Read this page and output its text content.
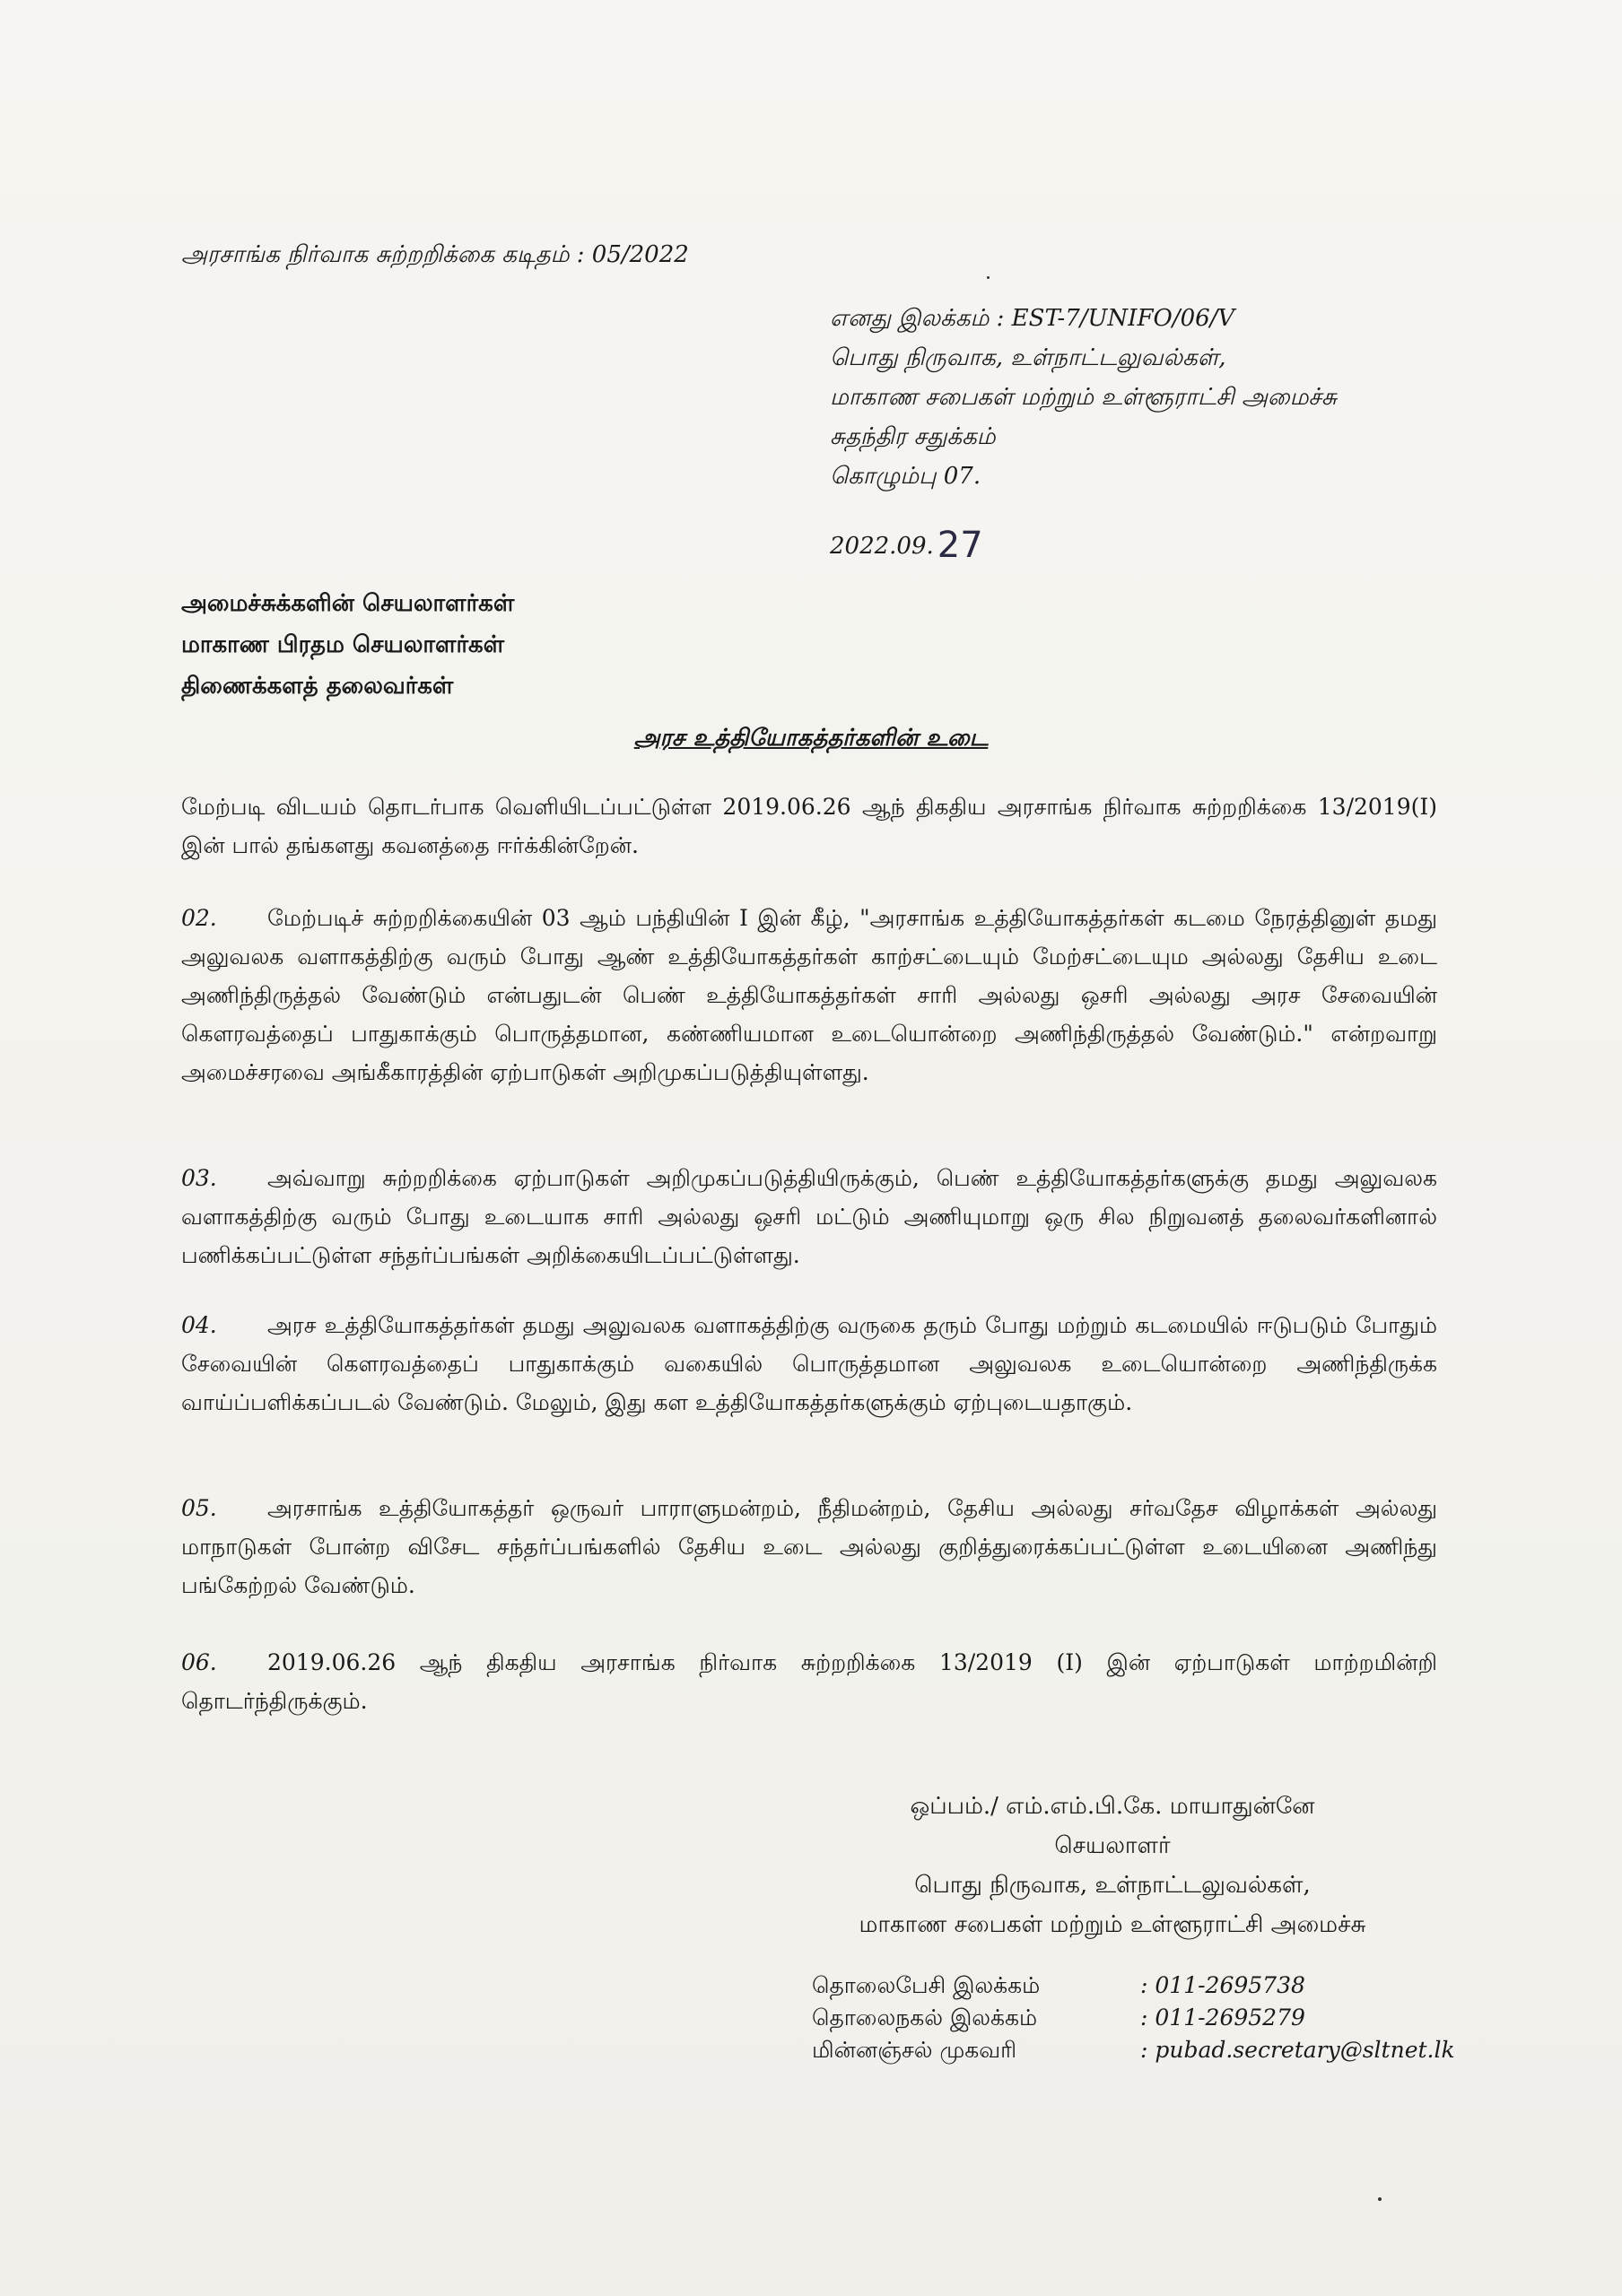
அரசாங்க நிர்வாக சுற்றறிக்கை கடிதம் : 05/2022
எனது இலக்கம் : EST-7/UNIFO/06/V
பொது நிருவாக, உள்நாட்டலுவல்கள்,
மாகாண சபைகள் மற்றும் உள்ளூராட்சி அமைச்சு
சுதந்திர சதுக்கம்
கொழும்பு 07.
2022.09. 27
அமைச்சுக்களின் செயலாளர்கள்
மாகாண பிரதம செயலாளர்கள்
திணைக்களத் தலைவர்கள்
அரச உத்தியோகத்தர்களின் உடை
மேற்படி விடயம் தொடர்பாக வெளியிடப்பட்டுள்ள 2019.06.26 ஆந் திகதிய அரசாங்க நிர்வாக சுற்றறிக்கை 13/2019(I) இன் பால் தங்களது கவனத்தை ஈர்க்கின்றேன்.
02. மேற்படிச் சுற்றறிக்கையின் 03 ஆம் பந்தியின் I இன் கீழ், "அரசாங்க உத்தியோகத்தர்கள் கடமை நேரத்தினுள் தமது அலுவலக வளாகத்திற்கு வரும் போது ஆண் உத்தியோகத்தர்கள் காற்சட்டையும் மேற்சட்டையும அல்லது தேசிய உடை அணிந்திருத்தல் வேண்டும் என்பதுடன் பெண் உத்தியோகத்தர்கள் சாரி அல்லது ஒசரி அல்லது அரச சேவையின் கௌரவத்தைப் பாதுகாக்கும் பொருத்தமான, கண்ணியமான உடையொன்றை அணிந்திருத்தல் வேண்டும்." என்றவாறு அமைச்சரவை அங்கீகாரத்தின் ஏற்பாடுகள் அறிமுகப்படுத்தியுள்ளது.
03. அவ்வாறு சுற்றறிக்கை ஏற்பாடுகள் அறிமுகப்படுத்தியிருக்கும், பெண் உத்தியோகத்தர்களுக்கு தமது அலுவலக வளாகத்திற்கு வரும் போது உடையாக சாரி அல்லது ஒசரி மட்டும் அணியுமாறு ஒரு சில நிறுவனத் தலைவர்களினால் பணிக்கப்பட்டுள்ள சந்தர்ப்பங்கள் அறிக்கையிடப்பட்டுள்ளது.
04. அரச உத்தியோகத்தர்கள் தமது அலுவலக வளாகத்திற்கு வருகை தரும் போது மற்றும் கடமையில் ஈடுபடும் போதும் சேவையின் கௌரவத்தைப் பாதுகாக்கும் வகையில் பொருத்தமான அலுவலக உடையொன்றை அணிந்திருக்க வாய்ப்பளிக்கப்படல் வேண்டும். மேலும், இது கள உத்தியோகத்தர்களுக்கும் ஏற்புடையதாகும்.
05. அரசாங்க உத்தியோகத்தர் ஒருவர் பாராளுமன்றம், நீதிமன்றம், தேசிய அல்லது சர்வதேச விழாக்கள் அல்லது மாநாடுகள் போன்ற விசேட சந்தர்ப்பங்களில் தேசிய உடை அல்லது குறித்துரைக்கப்பட்டுள்ள உடையினை அணிந்து பங்கேற்றல் வேண்டும்.
06. 2019.06.26 ஆந் திகதிய அரசாங்க நிர்வாக சுற்றறிக்கை 13/2019 (I) இன் ஏற்பாடுகள் மாற்றமின்றி தொடர்ந்திருக்கும்.
ஒப்பம்./ எம்.எம்.பி.கே. மாயாதுன்னே
செயலாளர்
பொது நிருவாக, உள்நாட்டலுவல்கள்,
மாகாண சபைகள் மற்றும் உள்ளூராட்சி அமைச்சு
தொலைபேசி இலக்கம்	: 011-2695738
தொலைநகல் இலக்கம்	: 011-2695279
மின்னஞ்சல் முகவரி	: pubad.secretary@sltnet.lk
